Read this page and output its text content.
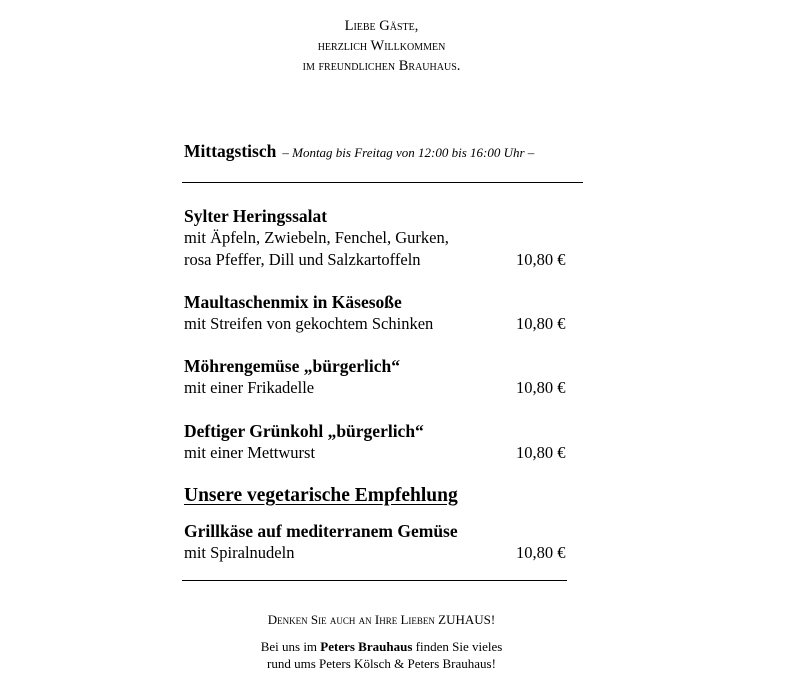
Liebe Gäste,
herzlich Willkommen
im freundlichen Brauhaus.
Mittagstisch – Montag bis Freitag von 12:00 bis 16:00 Uhr –
Sylter Heringssalat
mit Äpfeln, Zwiebeln, Fenchel, Gurken,
rosa Pfeffer, Dill und Salzkartoffeln	10,80 €
Maultaschenmix in Käsesoße
mit Streifen von gekochtem Schinken	10,80 €
Möhrengemüse „bürgerlich“
mit einer Frikadelle	10,80 €
Deftiger Grünkohl „bürgerlich“
mit einer Mettwurst	10,80 €
Unsere vegetarische Empfehlung
Grillkäse auf mediterranem Gemüse
mit Spiralnudeln	10,80 €
Denken Sie auch an Ihre Lieben ZUHAUS!
Bei uns im Peters Brauhaus finden Sie vieles
rund ums Peters Kölsch & Peters Brauhaus!
